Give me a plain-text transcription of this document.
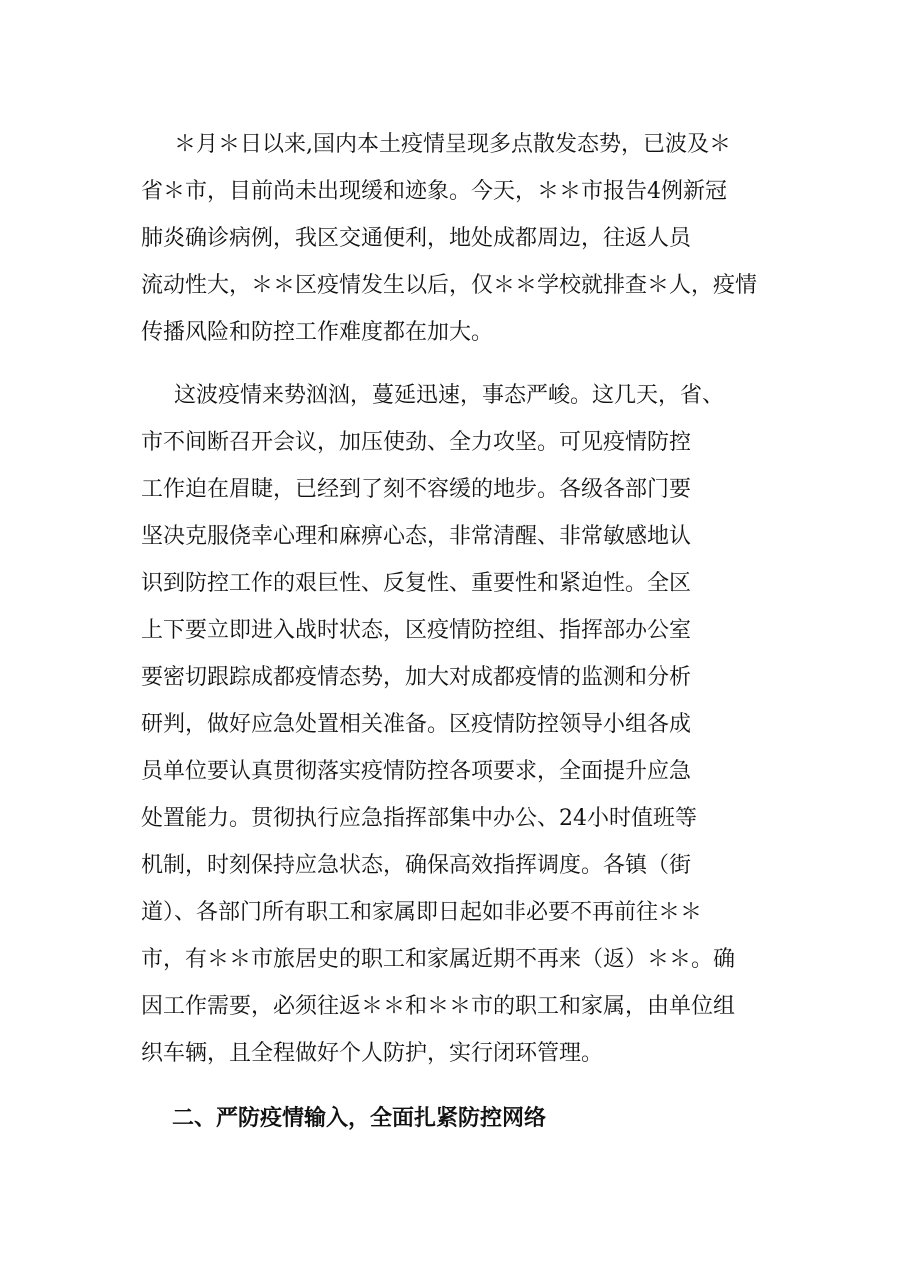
＊月＊日以来,国内本土疫情呈现多点散发态势，已波及＊

省＊市，目前尚未出现缓和迹象。今天，＊＊市报告4例新冠

肺炎确诊病例，我区交通便利，地处成都周边，往返人员

流动性大，＊＊区疫情发生以后，仅＊＊学校就排查＊人，疫情

传播风险和防控工作难度都在加大。

这波疫情来势汹汹，蔓延迅速，事态严峻。这几天，省、

市不间断召开会议，加压使劲、全力攻坚。可见疫情防控

工作迫在眉睫，已经到了刻不容缓的地步。各级各部门要

坚决克服侥幸心理和麻痹心态，非常清醒、非常敏感地认

识到防控工作的艰巨性、反复性、重要性和紧迫性。全区

上下要立即进入战时状态，区疫情防控组、指挥部办公室

要密切跟踪成都疫情态势，加大对成都疫情的监测和分析

研判，做好应急处置相关准备。区疫情防控领导小组各成

员单位要认真贯彻落实疫情防控各项要求，全面提升应急

处置能力。贯彻执行应急指挥部集中办公、24小时值班等

机制，时刻保持应急状态，确保高效指挥调度。各镇（街

道）、各部门所有职工和家属即日起如非必要不再前往＊＊

市，有＊＊市旅居史的职工和家属近期不再来（返）＊＊。确

因工作需要，必须往返＊＊和＊＊市的职工和家属，由单位组

织车辆，且全程做好个人防护，实行闭环管理。

二、严防疫情输入，全面扎紧防控网络
